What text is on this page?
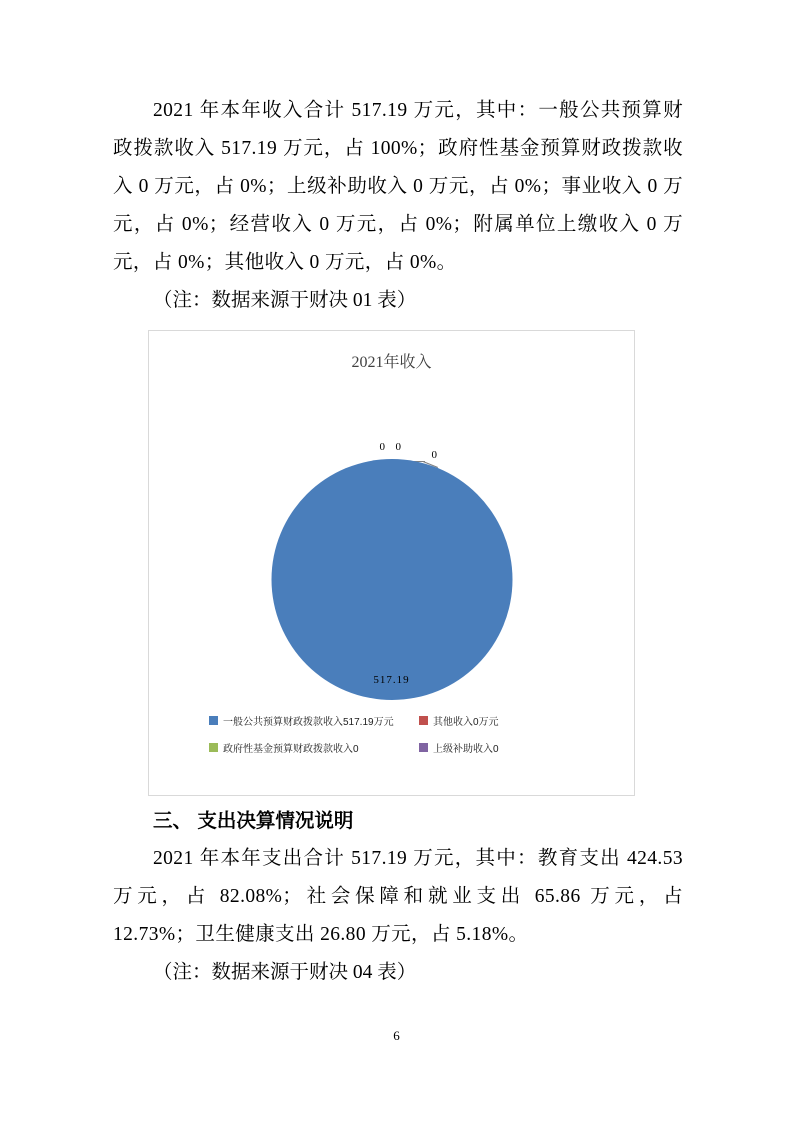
2021 年本年收入合计 517.19 万元，其中：一般公共预算财政拨款收入 517.19 万元，占 100%；政府性基金预算财政拨款收入 0 万元，占 0%；上级补助收入 0 万元，占 0%；事业收入 0 万元，占 0%；经营收入 0 万元，占 0%；附属单位上缴收入 0 万元，占 0%；其他收入 0 万元，占 0%。

（注：数据来源于财决 01 表）

2021年收入
0 0
0
517.19
一般公共预算财政拨款收入517.19万元	其他收入0万元
政府性基金预算财政拨款收入0	上级补助收入0

三、 支出决算情况说明

2021 年本年支出合计 517.19 万元，其中：教育支出 424.53 万元，占 82.08%；社会保障和就业支出 65.86 万元，占 12.73%；卫生健康支出 26.80 万元，占 5.18%。

（注：数据来源于财决 04 表）

6
